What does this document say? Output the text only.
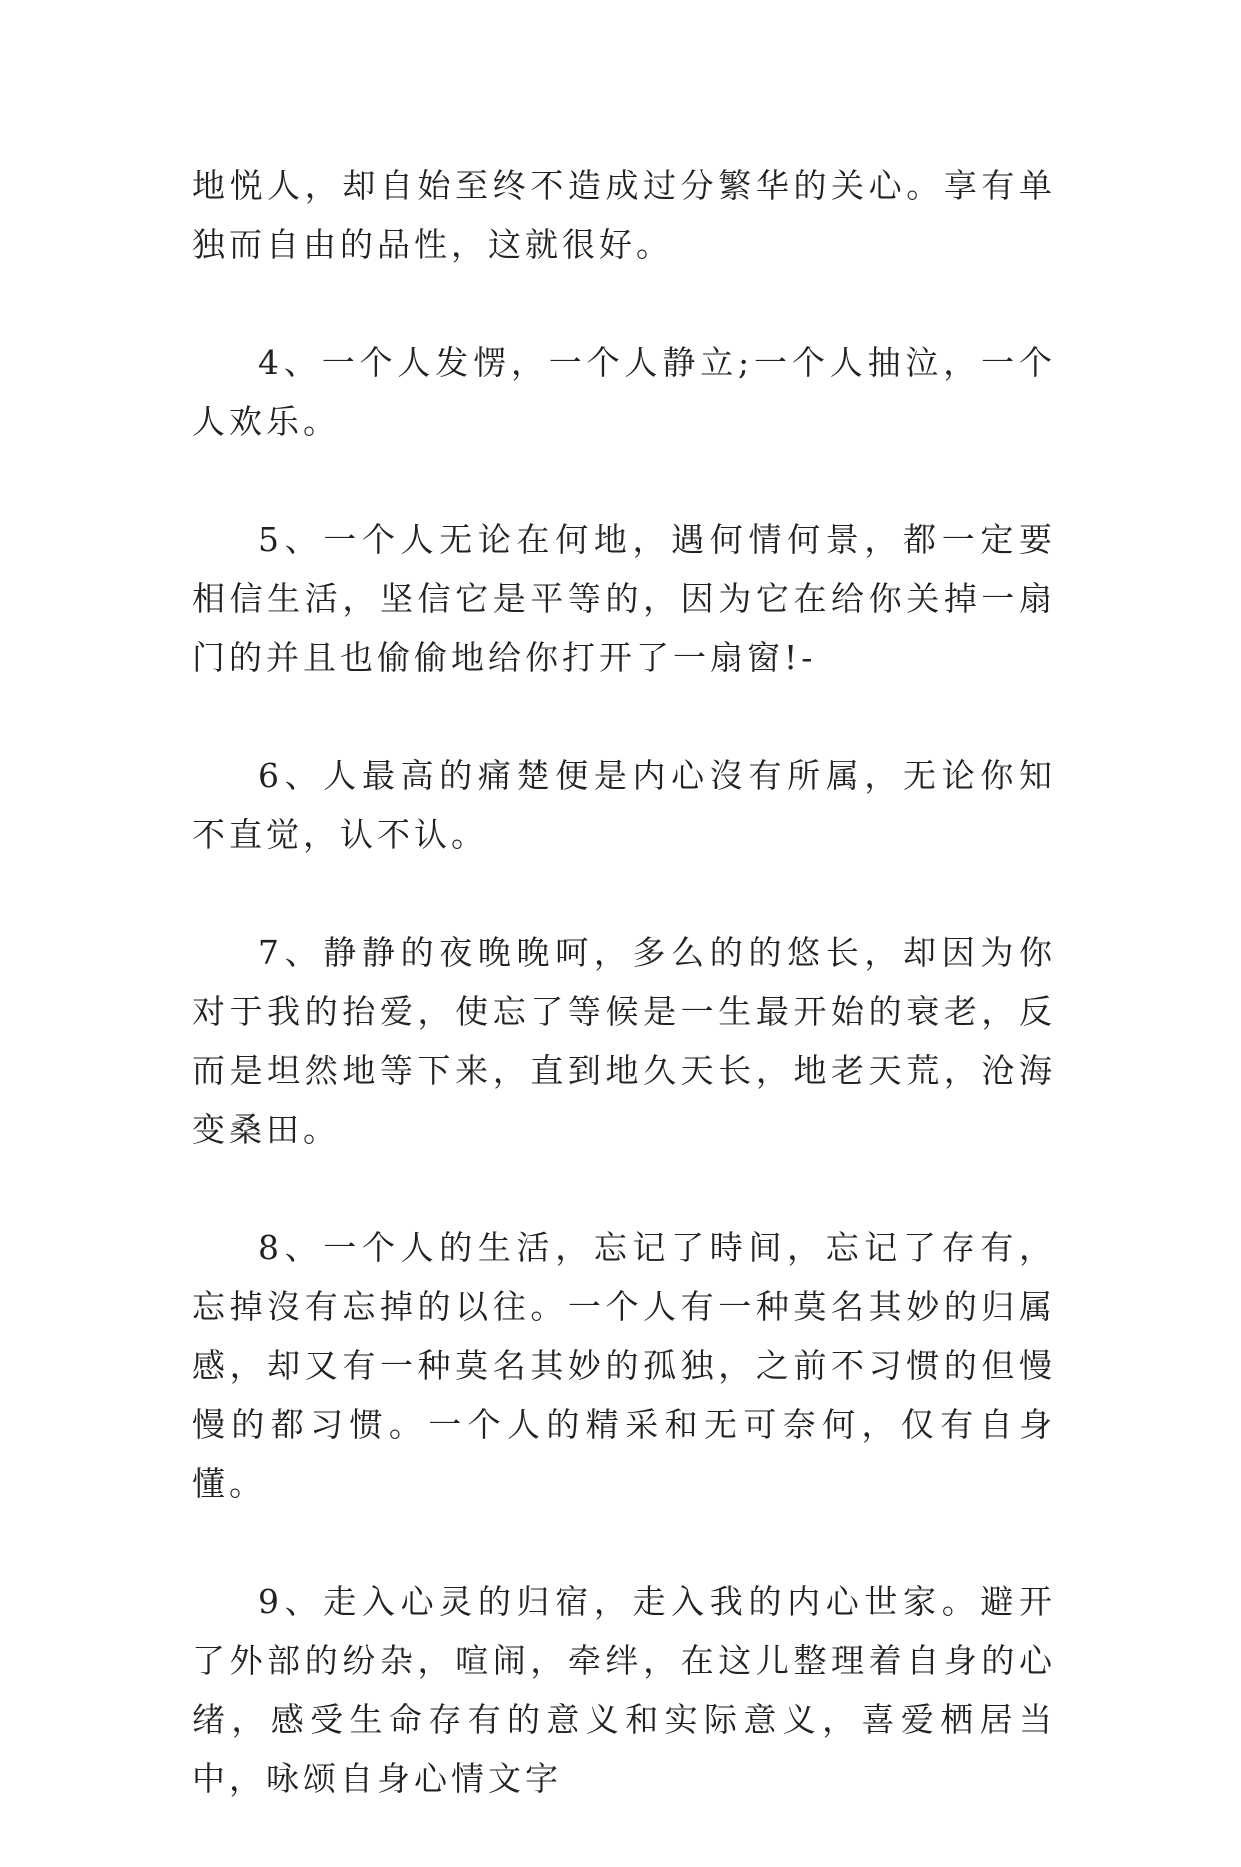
地悦人，却自始至终不造成过分繁华的关心。享有单独而自由的品性，这就很好。

4、一个人发愣，一个人静立;一个人抽泣，一个人欢乐。

5、一个人无论在何地，遇何情何景，都一定要相信生活，坚信它是平等的，因为它在给你关掉一扇门的并且也偷偷地给你打开了一扇窗!-

6、人最高的痛楚便是内心沒有所属，无论你知不直觉，认不认。

7、静静的夜晚晚呵，多么的的悠长，却因为你对于我的抬爱，使忘了等候是一生最开始的衰老，反而是坦然地等下来，直到地久天长，地老天荒，沧海变桑田。

8、一个人的生活，忘记了時间，忘记了存有，忘掉沒有忘掉的以往。一个人有一种莫名其妙的归属感，却又有一种莫名其妙的孤独，之前不习惯的但慢慢的都习惯。一个人的精采和无可奈何，仅有自身懂。

9、走入心灵的归宿，走入我的内心世家。避开了外部的纷杂，喧闹，牵绊，在这儿整理着自身的心绪，感受生命存有的意义和实际意义，喜爱栖居当中，咏颂自身心情文字
